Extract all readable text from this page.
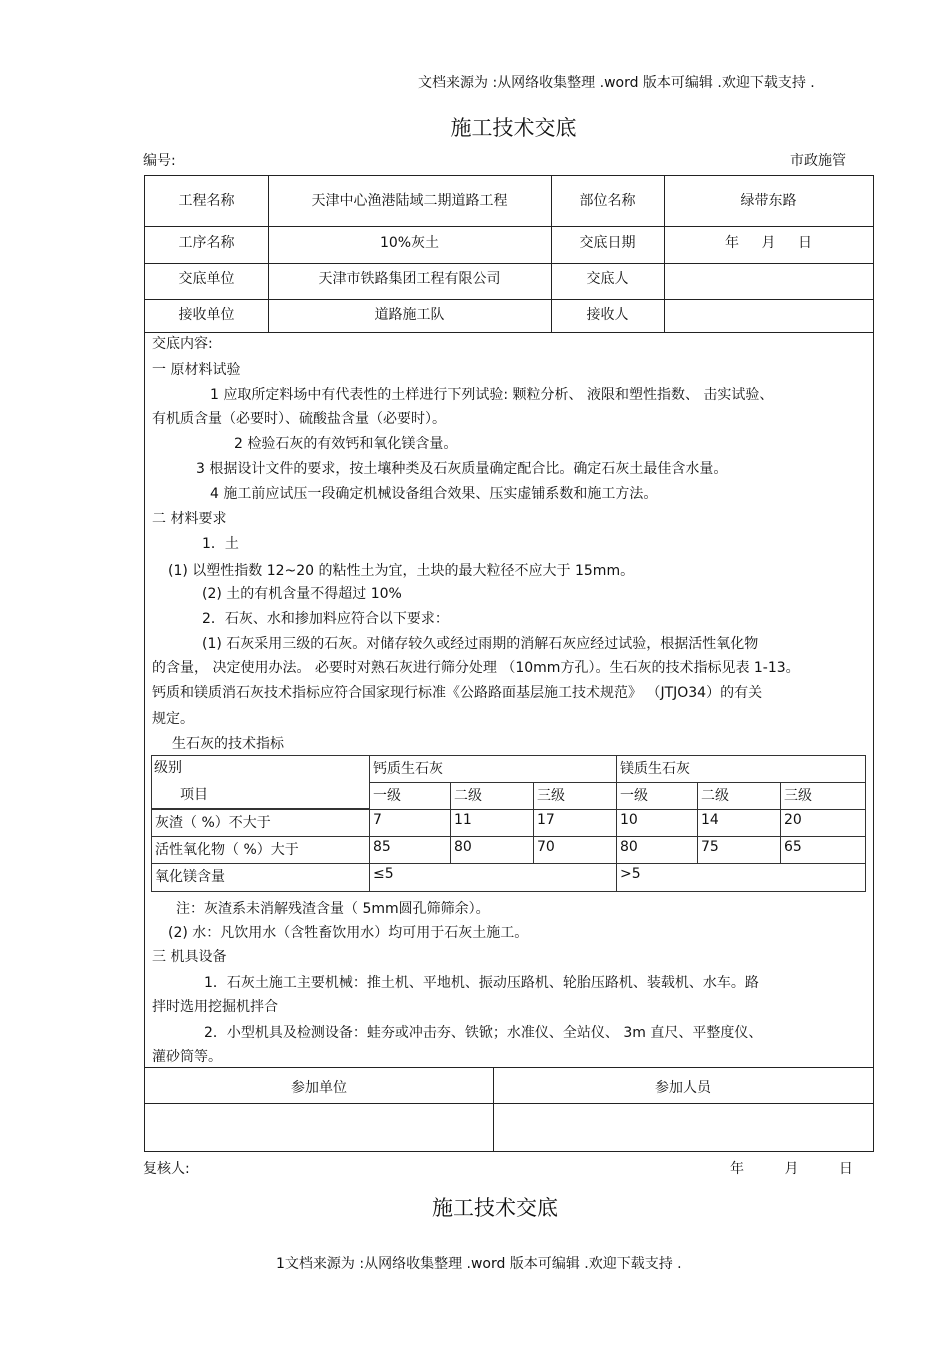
文档来源为 :从网络收集整理 .word 版本可编辑 .欢迎下载支持 .
施工技术交底
编号:	市政施管
工程名称	天津中心渔港陆域二期道路工程	部位名称	绿带东路
工序名称	10%灰土	交底日期	年 月 日
交底单位	天津市铁路集团工程有限公司	交底人
接收单位	道路施工队	接收人
参加单位	参加人员
交底内容:
一 原材料试验
1 应取所定料场中有代表性的土样进行下列试验: 颗粒分析、 液限和塑性指数、 击实试验、
有机质含量（必要时）、硫酸盐含量（必要时）。
2 检验石灰的有效钙和氧化镁含量。
3 根据设计文件的要求，按土壤种类及石灰质量确定配合比。确定石灰土最佳含水量。
4 施工前应试压一段确定机械设备组合效果、压实虚铺系数和施工方法。
二 材料要求
1．土
(1) 以塑性指数 12~20 的粘性土为宜，土块的最大粒径不应大于 15mm。
(2) 土的有机含量不得超过 10%
2．石灰、水和掺加料应符合以下要求：
(1) 石灰采用三级的石灰。对储存较久或经过雨期的消解石灰应经过试验，根据活性氧化物
的含量， 决定使用办法。 必要时对熟石灰进行筛分处理 （10mm方孔）。生石灰的技术指标见表 1-13。
钙质和镁质消石灰技术指标应符合国家现行标准《公路路面基层施工技术规范》 （JTJO34）的有关
规定。
生石灰的技术指标
级别
项目
钙质生石灰	镁质生石灰
一级	二级	三级	一级	二级	三级
灰渣（ %）不大于	7	11	17	10	14	20
活性氧化物（ %）大于	85	80	70	80	75	65
氧化镁含量	≤5	>5
注：灰渣系未消解残渣含量（ 5mm圆孔筛筛余）。
(2) 水：凡饮用水（含牲畜饮用水）均可用于石灰土施工。
三 机具设备
1．石灰土施工主要机械：推土机、平地机、振动压路机、轮胎压路机、装载机、水车。路
拌时选用挖掘机拌合
2．小型机具及检测设备：蛙夯或冲击夯、铁锨；水准仪、全站仪、 3m 直尺、平整度仪、
灌砂筒等。
复核人:	年 月 日
施工技术交底
1文档来源为 :从网络收集整理 .word 版本可编辑 .欢迎下载支持 .
